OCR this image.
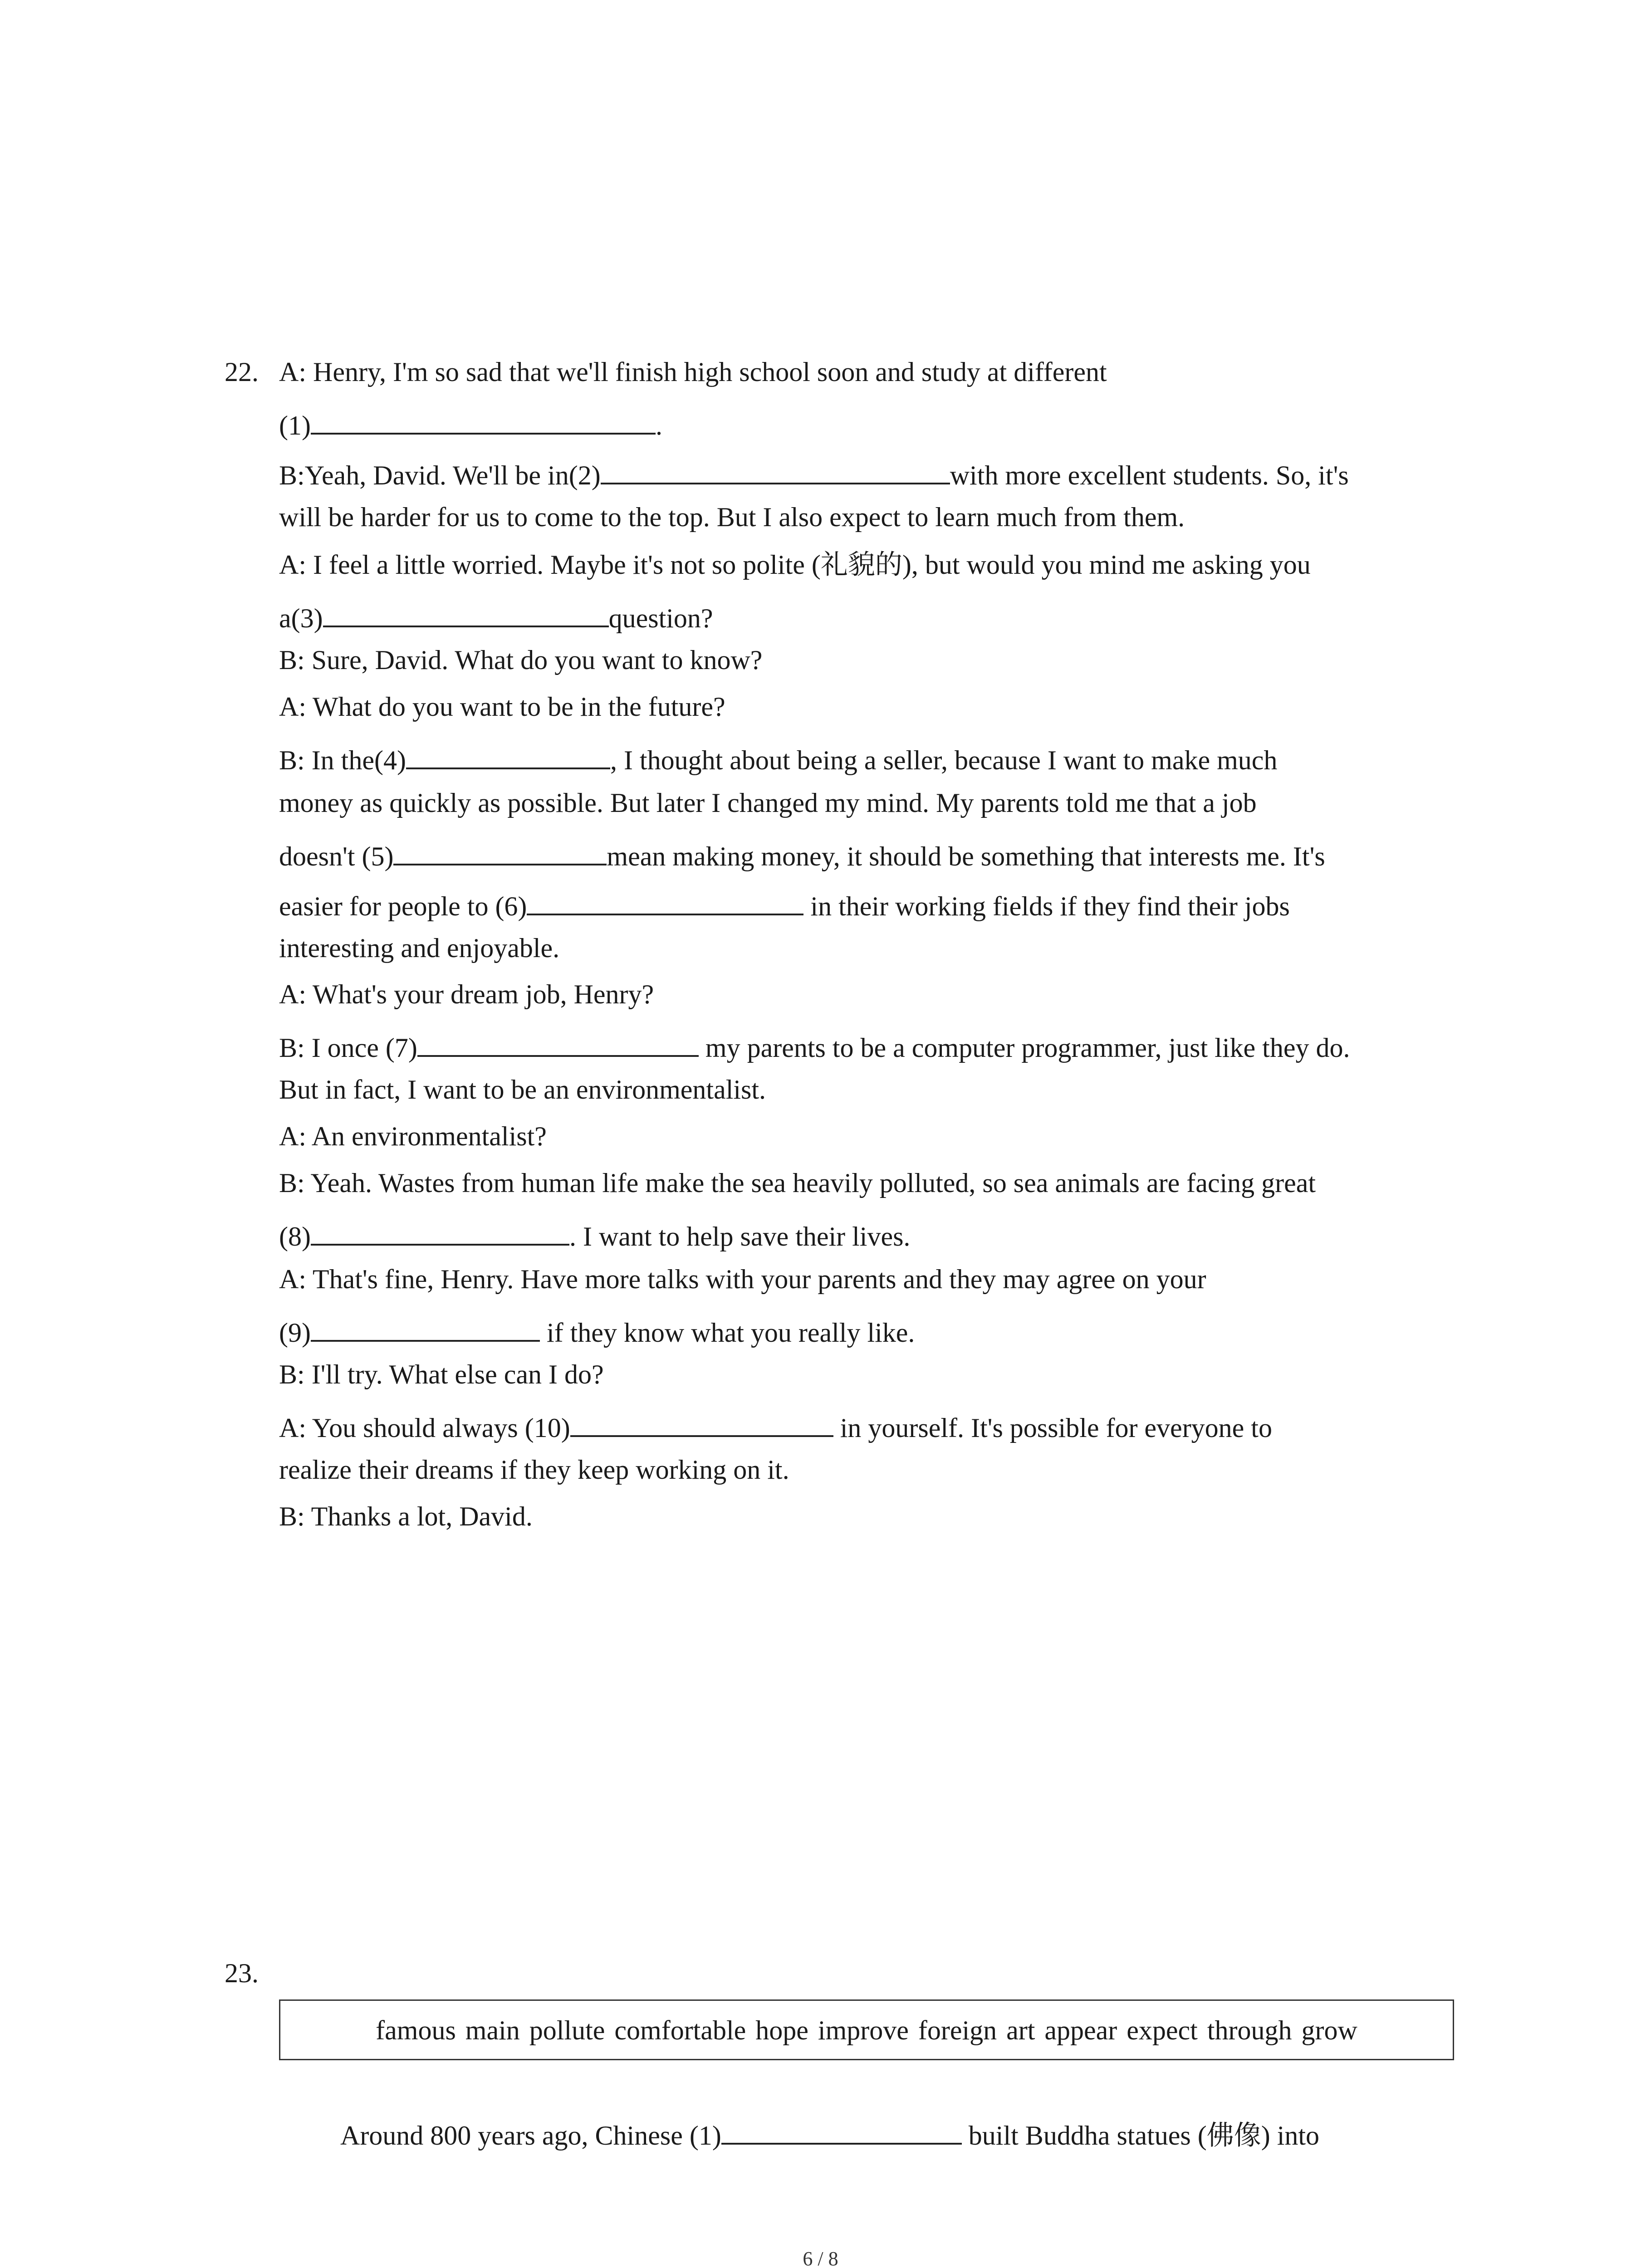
22. A: Henry, I'm so sad that we'll finish high school soon and study at different
(1)	.
B:Yeah, David. We'll be in(2)	with more excellent students. So, it's
will be harder for us to come to the top. But I also expect to learn much from them.
A: I feel a little worried. Maybe it's not so polite (礼貌的), but would you mind me asking you
a(3)	question?
B: Sure, David. What do you want to know?
A: What do you want to be in the future?
B: In the(4)	, I thought about being a seller, because I want to make much
money as quickly as possible. But later I changed my mind. My parents told me that a job
doesn't (5)	mean making money, it should be something that interests me. It's
easier for people to (6)	in their working fields if they find their jobs
interesting and enjoyable.
A: What's your dream job, Henry?
B: I once (7)	my parents to be a computer programmer, just like they do.
But in fact, I want to be an environmentalist.
A: An environmentalist?
B: Yeah. Wastes from human life make the sea heavily polluted, so sea animals are facing great
(8)	. I want to help save their lives.
A: That's fine, Henry. Have more talks with your parents and they may agree on your
(9)	if they know what you really like.
B: I'll try. What else can I do?
A: You should always (10)	in yourself. It's possible for everyone to
realize their dreams if they keep working on it.
B: Thanks a lot, David.
23.
famous main pollute comfortable hope improve foreign art appear expect through grow
Around 800 years ago, Chinese (1)	built Buddha statues (佛像) into
6 / 8
